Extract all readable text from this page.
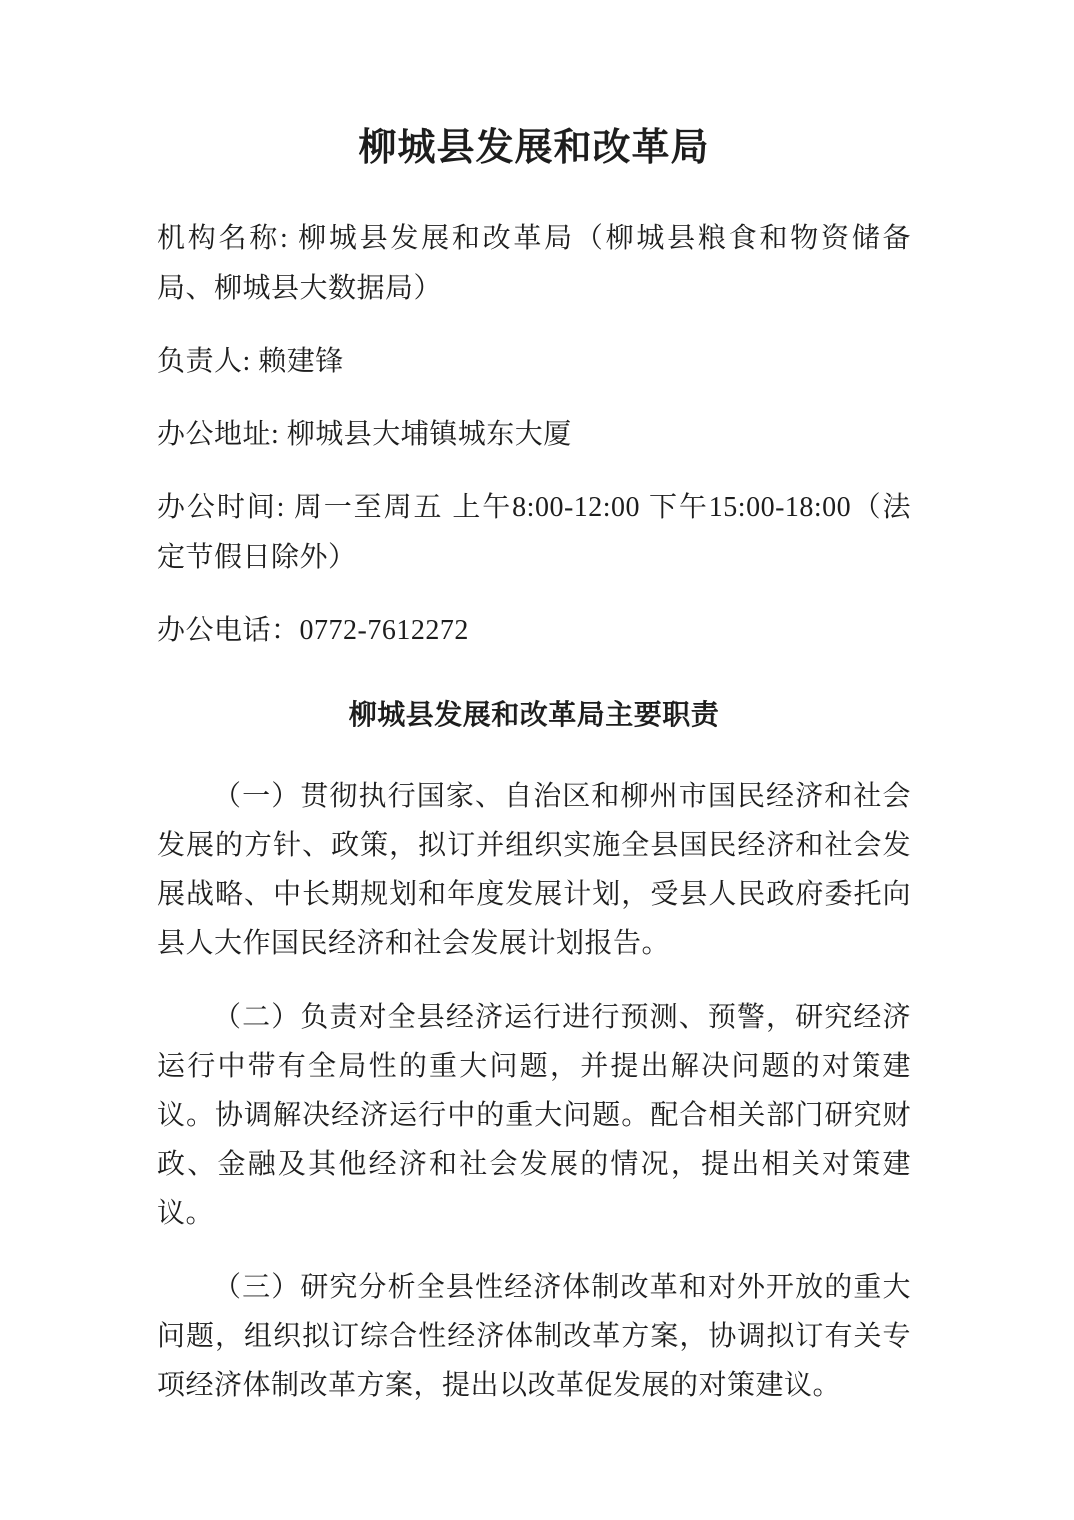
柳城县发展和改革局

机构名称: 柳城县发展和改革局（柳城县粮食和物资储备局、柳城县大数据局）

负责人: 赖建锋

办公地址: 柳城县大埔镇城东大厦

办公时间: 周一至周五 上午8:00-12:00 下午15:00-18:00（法定节假日除外）

办公电话：0772-7612272

柳城县发展和改革局主要职责

（一）贯彻执行国家、自治区和柳州市国民经济和社会发展的方针、政策，拟订并组织实施全县国民经济和社会发展战略、中长期规划和年度发展计划，受县人民政府委托向县人大作国民经济和社会发展计划报告。

（二）负责对全县经济运行进行预测、预警，研究经济运行中带有全局性的重大问题，并提出解决问题的对策建议。协调解决经济运行中的重大问题。配合相关部门研究财政、金融及其他经济和社会发展的情况，提出相关对策建议。

（三）研究分析全县性经济体制改革和对外开放的重大问题，组织拟订综合性经济体制改革方案，协调拟订有关专项经济体制改革方案，提出以改革促发展的对策建议。
